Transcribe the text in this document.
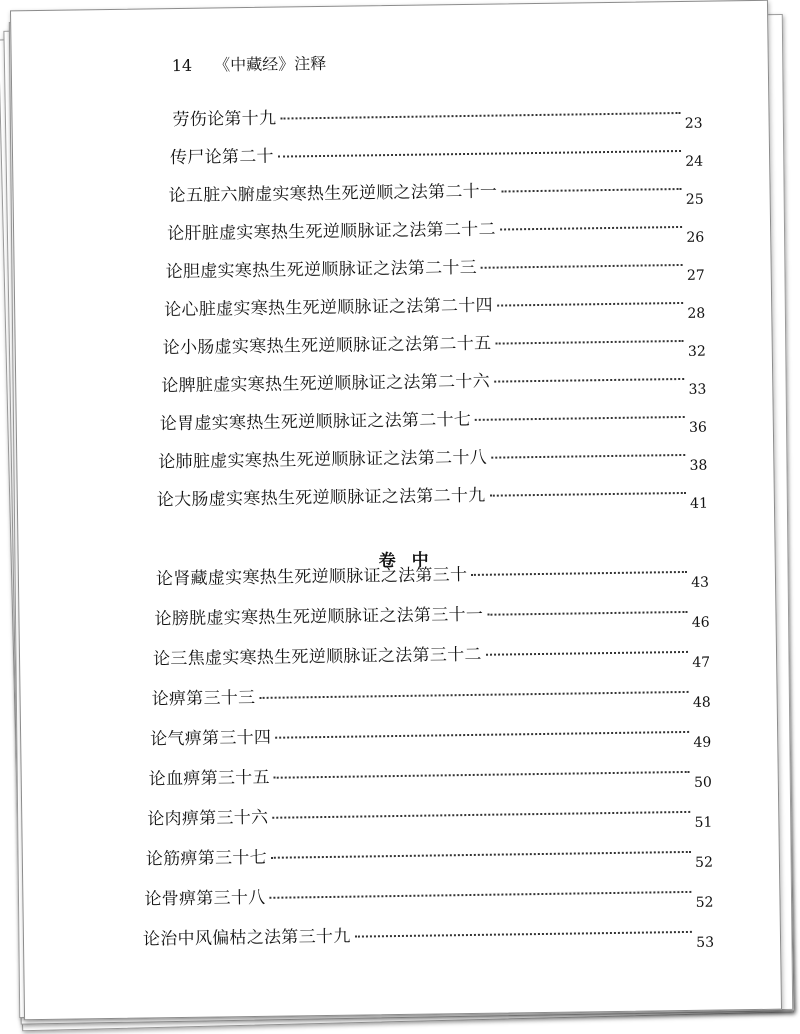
14 《中藏经》注释
卷中
劳伤论第十九	23
传尸论第二十	24
论五脏六腑虚实寒热生死逆顺之法第二十一	25
论肝脏虚实寒热生死逆顺脉证之法第二十二	26
论胆虚实寒热生死逆顺脉证之法第二十三	27
论心脏虚实寒热生死逆顺脉证之法第二十四	28
论小肠虚实寒热生死逆顺脉证之法第二十五	32
论脾脏虚实寒热生死逆顺脉证之法第二十六	33
论胃虚实寒热生死逆顺脉证之法第二十七	36
论肺脏虚实寒热生死逆顺脉证之法第二十八	38
论大肠虚实寒热生死逆顺脉证之法第二十九	41
论肾藏虚实寒热生死逆顺脉证之法第三十	43
论膀胱虚实寒热生死逆顺脉证之法第三十一	46
论三焦虚实寒热生死逆顺脉证之法第三十二	47
论痹第三十三	48
论气痹第三十四	49
论血痹第三十五	50
论肉痹第三十六	51
论筋痹第三十七	52
论骨痹第三十八	52
论治中风偏枯之法第三十九	53
